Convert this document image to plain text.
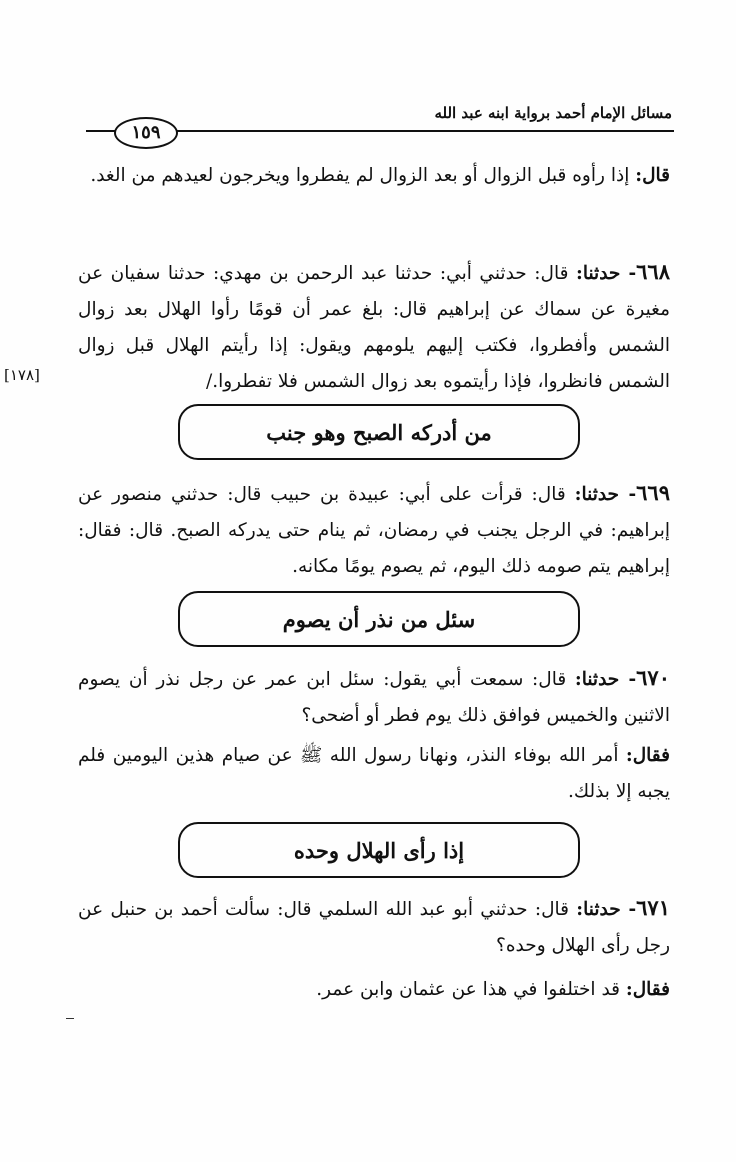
مسائل الإمام أحمد برواية ابنه عبد الله
١٥٩
[١٧٨]

قال: إذا رأوه قبل الزوال أو بعد الزوال لم يفطروا ويخرجون لعيدهم من الغد.

٦٦٨- حدثنا: قال: حدثني أبي: حدثنا عبد الرحمن بن مهدي: حدثنا سفيان عن مغيرة عن سماك عن إبراهيم قال: بلغ عمر أن قومًا رأوا الهلال بعد زوال الشمس وأفطروا، فكتب إليهم يلومهم ويقول: إذا رأيتم الهلال قبل زوال الشمس فانظروا، فإذا رأيتموه بعد زوال الشمس فلا تفطروا./

من أدركه الصبح وهو جنب

٦٦٩- حدثنا: قال: قرأت على أبي: عبيدة بن حبيب قال: حدثني منصور عن إبراهيم: في الرجل يجنب في رمضان، ثم ينام حتى يدركه الصبح. قال: فقال: إبراهيم يتم صومه ذلك اليوم، ثم يصوم يومًا مكانه.

سئل من نذر أن يصوم

٦٧٠- حدثنا: قال: سمعت أبي يقول: سئل ابن عمر عن رجل نذر أن يصوم الاثنين والخميس فوافق ذلك يوم فطر أو أضحى؟

فقال: أمر الله بوفاء النذر، ونهانا رسول الله ﷺ عن صيام هذين اليومين فلم يجبه إلا بذلك.

إذا رأى الهلال وحده

٦٧١- حدثنا: قال: حدثني أبو عبد الله السلمي قال: سألت أحمد بن حنبل عن رجل رأى الهلال وحده؟

فقال: قد اختلفوا في هذا عن عثمان وابن عمر.
